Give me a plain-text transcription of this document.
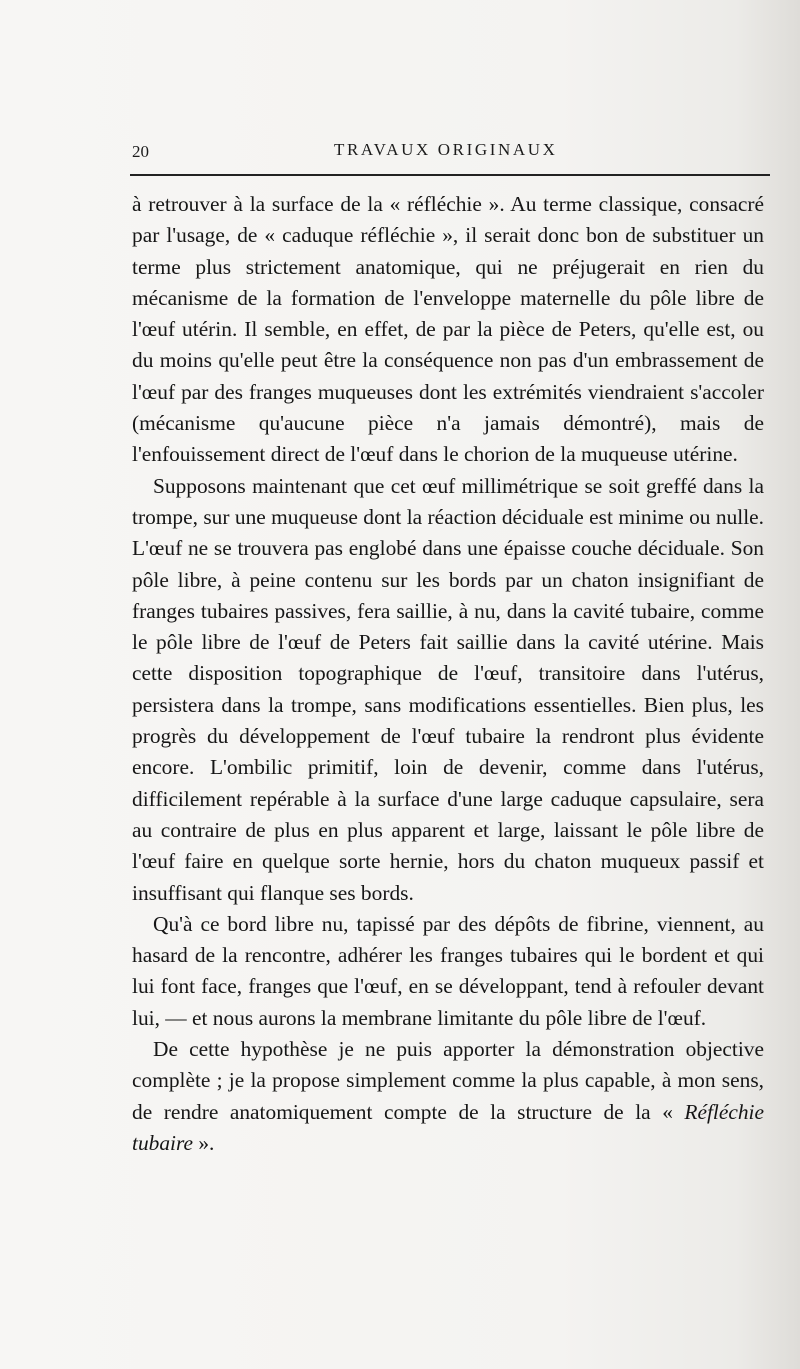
20	TRAVAUX ORIGINAUX

à retrouver à la surface de la « réfléchie ». Au terme classique, consacré par l'usage, de « caduque réfléchie », il serait donc bon de substituer un terme plus strictement anatomique, qui ne préjugerait en rien du mécanisme de la formation de l'enveloppe maternelle du pôle libre de l'œuf utérin. Il semble, en effet, de par la pièce de Peters, qu'elle est, ou du moins qu'elle peut être la conséquence non pas d'un embrassement de l'œuf par des franges muqueuses dont les extrémités viendraient s'accoler (mécanisme qu'aucune pièce n'a jamais démontré), mais de l'enfouissement direct de l'œuf dans le chorion de la muqueuse utérine.

Supposons maintenant que cet œuf millimétrique se soit greffé dans la trompe, sur une muqueuse dont la réaction déciduale est minime ou nulle. L'œuf ne se trouvera pas englobé dans une épaisse couche déciduale. Son pôle libre, à peine contenu sur les bords par un chaton insignifiant de franges tubaires passives, fera saillie, à nu, dans la cavité tubaire, comme le pôle libre de l'œuf de Peters fait saillie dans la cavité utérine. Mais cette disposition topographique de l'œuf, transitoire dans l'utérus, persistera dans la trompe, sans modifications essentielles. Bien plus, les progrès du développement de l'œuf tubaire la rendront plus évidente encore. L'ombilic primitif, loin de devenir, comme dans l'utérus, difficilement repérable à la surface d'une large caduque capsulaire, sera au contraire de plus en plus apparent et large, laissant le pôle libre de l'œuf faire en quelque sorte hernie, hors du chaton muqueux passif et insuffisant qui flanque ses bords.

Qu'à ce bord libre nu, tapissé par des dépôts de fibrine, viennent, au hasard de la rencontre, adhérer les franges tubaires qui le bordent et qui lui font face, franges que l'œuf, en se développant, tend à refouler devant lui, — et nous aurons la membrane limitante du pôle libre de l'œuf.

De cette hypothèse je ne puis apporter la démonstration objective complète ; je la propose simplement comme la plus capable, à mon sens, de rendre anatomiquement compte de la structure de la « Réfléchie tubaire ».
